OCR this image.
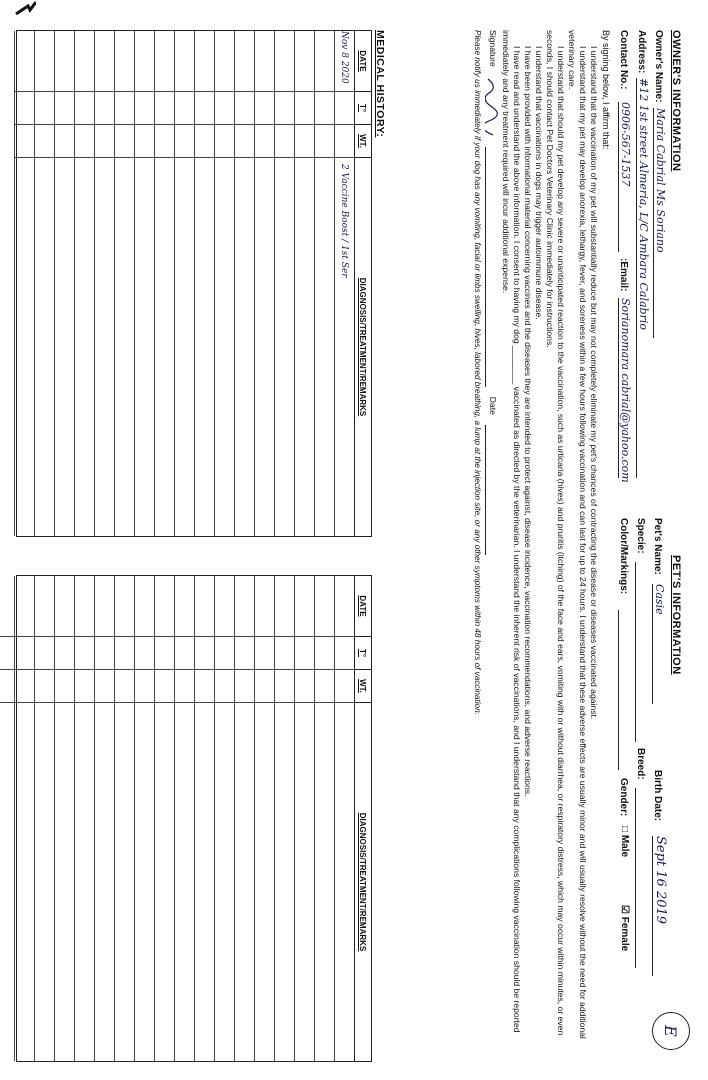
OWNER'S INFORMATION
Owner's Name:
Maria Cabrial Ms Soriano
Address:
#12 1st street Almeria, L/C Ambara Calabrio
Contact No.:
0906-567-1537
:Email:
Sorianomara cabrial@yahoo.com
PET'S INFORMATION
Pet's Name:
Casie
Birth Date:
Sept 16 2019
Specie:
Breed:
Color/Markings:
Gender:
□ Male
☑ Female
E
By signing below, I affirm that:

I understand that the vaccination of my pet will substantially reduce but may not completely eliminate my pet's chances of contracting the disease or diseases vaccinated against.

I understand that my pet may develop anorexia, lethargy, fever, and soreness within a few hours following vaccination and can last for up to 24 hours. I understand that these adverse effects are usually minor and will usually resolve without the need for additional veterinary care.

I understand that should my pet develop any severe or unanticipated reaction to the vaccination, such as urticaria (hives) and pruritis (itching) of the face and ears, vomiting with or without diarrhea, or respiratory distress, which may occur within minutes, or even seconds, I should contact Pet Doctors Veterinary Clinic immediately for instructions.

I understand that vaccinations in dogs may trigger autoimmune disease.

I have been provided with informational material concerning vaccines and the diseases they are intended to protect against, disease incidence, vaccination recommendations, and adverse reactions.

I have read and understand the above information. I consent to having my dog ________ vaccinated as directed by the veterinarian. I understand the inherent risk of vaccinations, and I understand that any complications following vaccination should be reported immediately and any treatment required will incur additional expense.

Signature
Date
Please notify us immediately if your dog has any vomiting, facial or limbs swelling, hives, labored breathing, a lump at the injection site, or any other symptoms within 48 hours of vaccination.
MEDICAL HISTORY:
DATE
T°
WT.
DIAGNOSIS/TREATMENT/REMARKS
Nov 8 2020
2 Vaccine Boost / 1st Ser
DATE
T°
WT.
DIAGNOSIS/TREATMENT/REMARKS
